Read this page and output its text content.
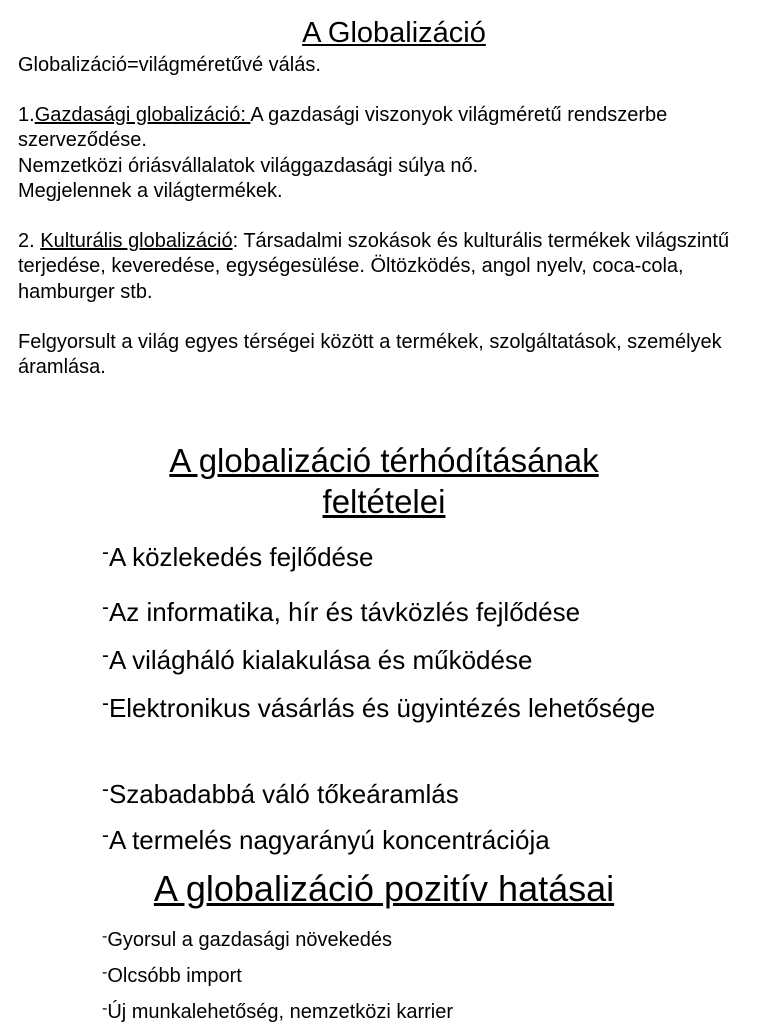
A Globalizáció
Globalizáció=világméretűvé válás.
1.Gazdasági globalizáció: A gazdasági viszonyok világméretű rendszerbe szerveződése.
Nemzetközi óriásvállalatok világgazdasági súlya nő.
Megjelennek a világtermékek.
2. Kulturális globalizáció: Társadalmi szokások és kulturális termékek világszintű terjedése, keveredése, egységesülése. Öltözködés, angol nyelv, coca-cola, hamburger stb.
Felgyorsult a világ egyes térségei között a termékek, szolgáltatások, személyek áramlása.
A globalizáció térhódításának
feltételei
-A közlekedés fejlődése
-Az informatika, hír és távközlés fejlődése
-A világháló kialakulása és működése
-Elektronikus vásárlás és ügyintézés lehetősége
-Szabadabbá váló tőkeáramlás
-A termelés nagyarányú koncentrációja
A globalizáció pozitív hatásai
-Gyorsul a gazdasági növekedés
-Olcsóbb import
-Új munkalehetőség, nemzetközi karrier
